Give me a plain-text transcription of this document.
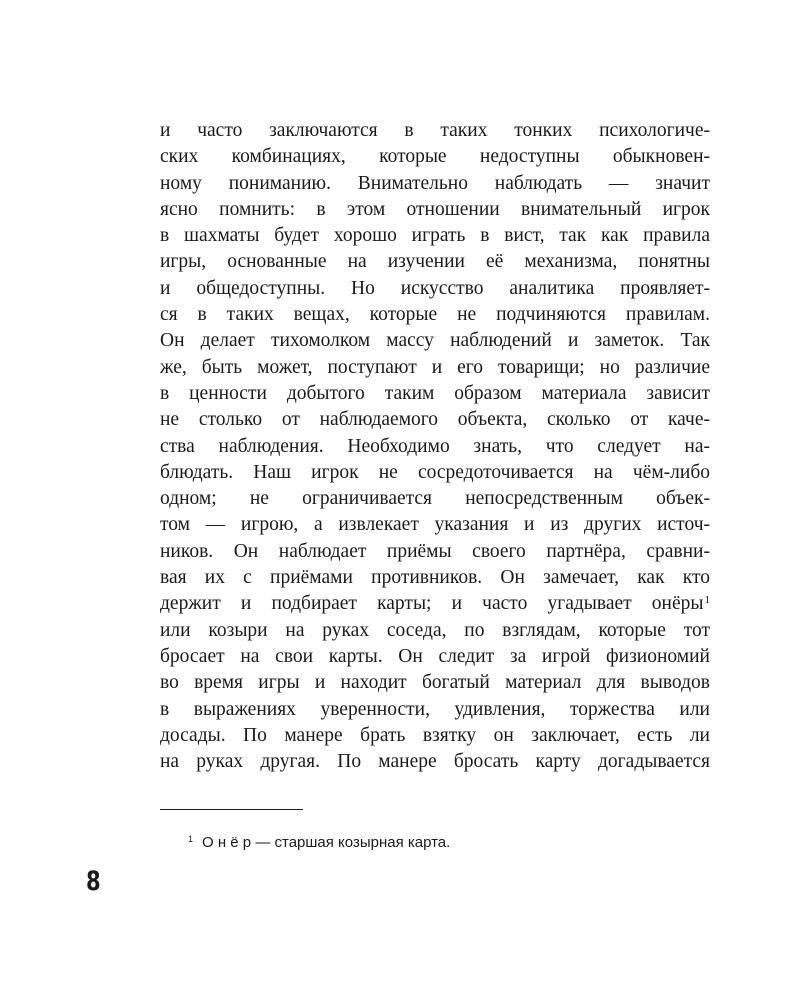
и часто заключаются в таких тонких психологиче-
ских комбинациях, которые недоступны обыкновен-
ному пониманию. Внимательно наблюдать — значит
ясно помнить: в этом отношении внимательный игрок
в шахматы будет хорошо играть в вист, так как правила
игры, основанные на изучении её механизма, понятны
и общедоступны. Но искусство аналитика проявляет-
ся в таких вещах, которые не подчиняются правилам.
Он делает тихомолком массу наблюдений и заметок. Так
же, быть может, поступают и его товарищи; но различие
в ценности добытого таким образом материала зависит
не столько от наблюдаемого объекта, сколько от каче-
ства наблюдения. Необходимо знать, что следует на-
блюдать. Наш игрок не сосредоточивается на чём-либо
одном; не ограничивается непосредственным объек-
том — игрою, а извлекает указания и из других источ-
ников. Он наблюдает приёмы своего партнёра, сравни-
вая их с приёмами противников. Он замечает, как кто
держит и подбирает карты; и часто угадывает онёры$^1$
или козыри на руках соседа, по взглядам, которые тот
бросает на свои карты. Он следит за игрой физиономий
во время игры и находит богатый материал для выводов
в выражениях уверенности, удивления, торжества или
досады. По манере брать взятку он заключает, есть ли
на руках другая. По манере бросать карту догадывается
$^1$ О н ё р — старшая козырная карта.
8
